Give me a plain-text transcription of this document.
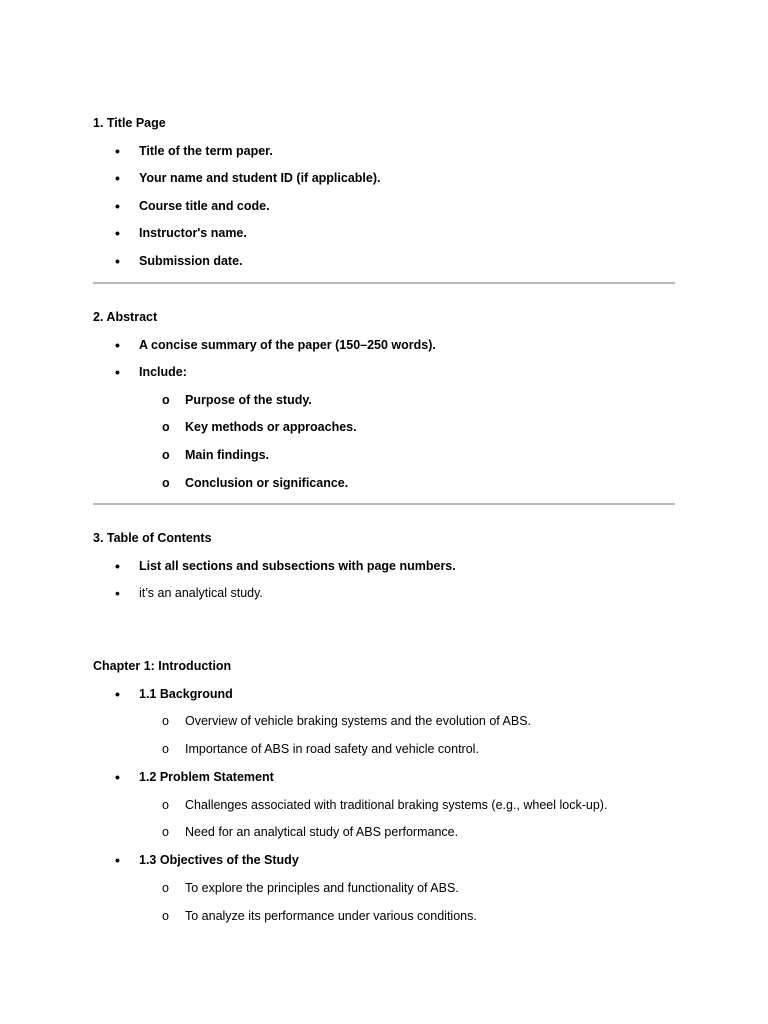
1. Title Page
• Title of the term paper.
• Your name and student ID (if applicable).
• Course title and code.
• Instructor's name.
• Submission date.
2. Abstract
• A concise summary of the paper (150–250 words).
• Include:
o Purpose of the study.
o Key methods or approaches.
o Main findings.
o Conclusion or significance.
3. Table of Contents
• List all sections and subsections with page numbers.
• it’s an analytical study.
Chapter 1: Introduction
• 1.1 Background
o Overview of vehicle braking systems and the evolution of ABS.
o Importance of ABS in road safety and vehicle control.
• 1.2 Problem Statement
o Challenges associated with traditional braking systems (e.g., wheel lock-up).
o Need for an analytical study of ABS performance.
• 1.3 Objectives of the Study
o To explore the principles and functionality of ABS.
o To analyze its performance under various conditions.
